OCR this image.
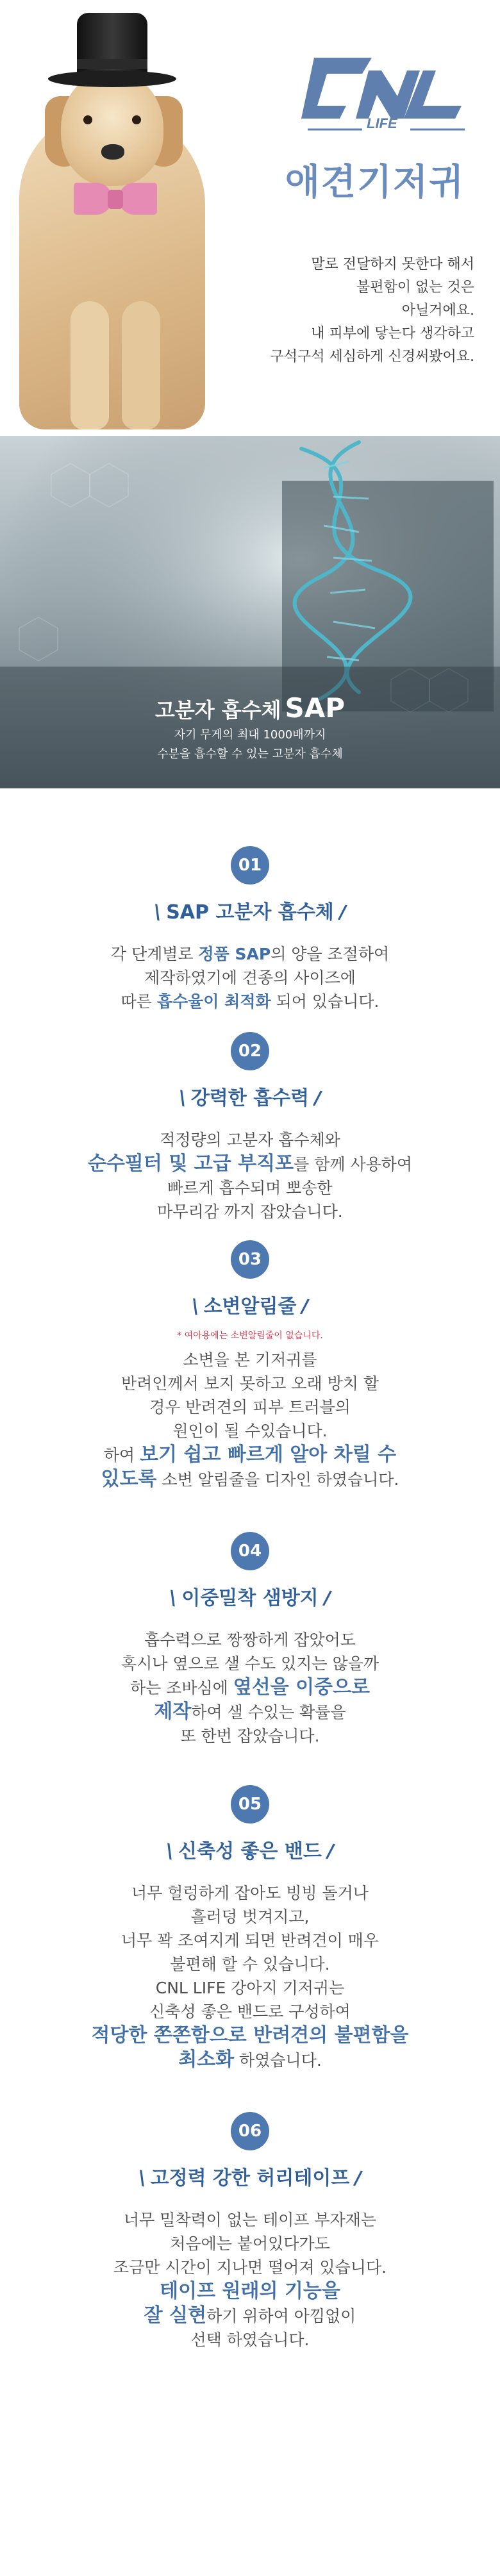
LIFE
애견기저귀
말로 전달하지 못한다 해서
불편함이 없는 것은
아닐거에요.
내 피부에 닿는다 생각하고
구석구석 세심하게 신경써봤어요.
고분자 흡수체 SAP
자기 무게의 최대 1000배까지
수분을 흡수할 수 있는 고분자 흡수체
01
\ SAP 고분자 흡수체 /
각 단계별로 정품 SAP의 양을 조절하여
제작하였기에 견종의 사이즈에
따른 흡수율이 최적화 되어 있습니다.
02
\ 강력한 흡수력 /
적정량의 고분자 흡수체와
순수필터 및 고급 부직포를 함께 사용하여
빠르게 흡수되며 뽀송한
마무리감 까지 잡았습니다.
03
\ 소변알림줄 /
* 여아용에는 소변알림줄이 없습니다.
소변을 본 기저귀를
반려인께서 보지 못하고 오래 방치 할
경우 반려견의 피부 트러블의
원인이 될 수있습니다.
하여 보기 쉽고 빠르게 알아 차릴 수
있도록 소변 알림줄을 디자인 하였습니다.
04
\ 이중밀착 샘방지 /
흡수력으로 짱짱하게 잡았어도
혹시나 옆으로 샐 수도 있지는 않을까
하는 조바심에 옆선을 이중으로
제작하여 샐 수있는 확률을
또 한번 잡았습니다.
05
\ 신축성 좋은 밴드 /
너무 헐렁하게 잡아도 빙빙 돌거나
흘러덩 벗겨지고,
너무 꽉 조여지게 되면 반려견이 매우
불편해 할 수 있습니다.
CNL LIFE 강아지 기저귀는
신축성 좋은 밴드로 구성하여
적당한 쫀쫀함으로 반려견의 불편함을
최소화 하였습니다.
06
\ 고정력 강한 허리테이프 /
너무 밀착력이 없는 테이프 부자재는
처음에는 붙어있다가도
조금만 시간이 지나면 떨어져 있습니다.
테이프 원래의 기능을
잘 실현하기 위하여 아낌없이
선택 하였습니다.
